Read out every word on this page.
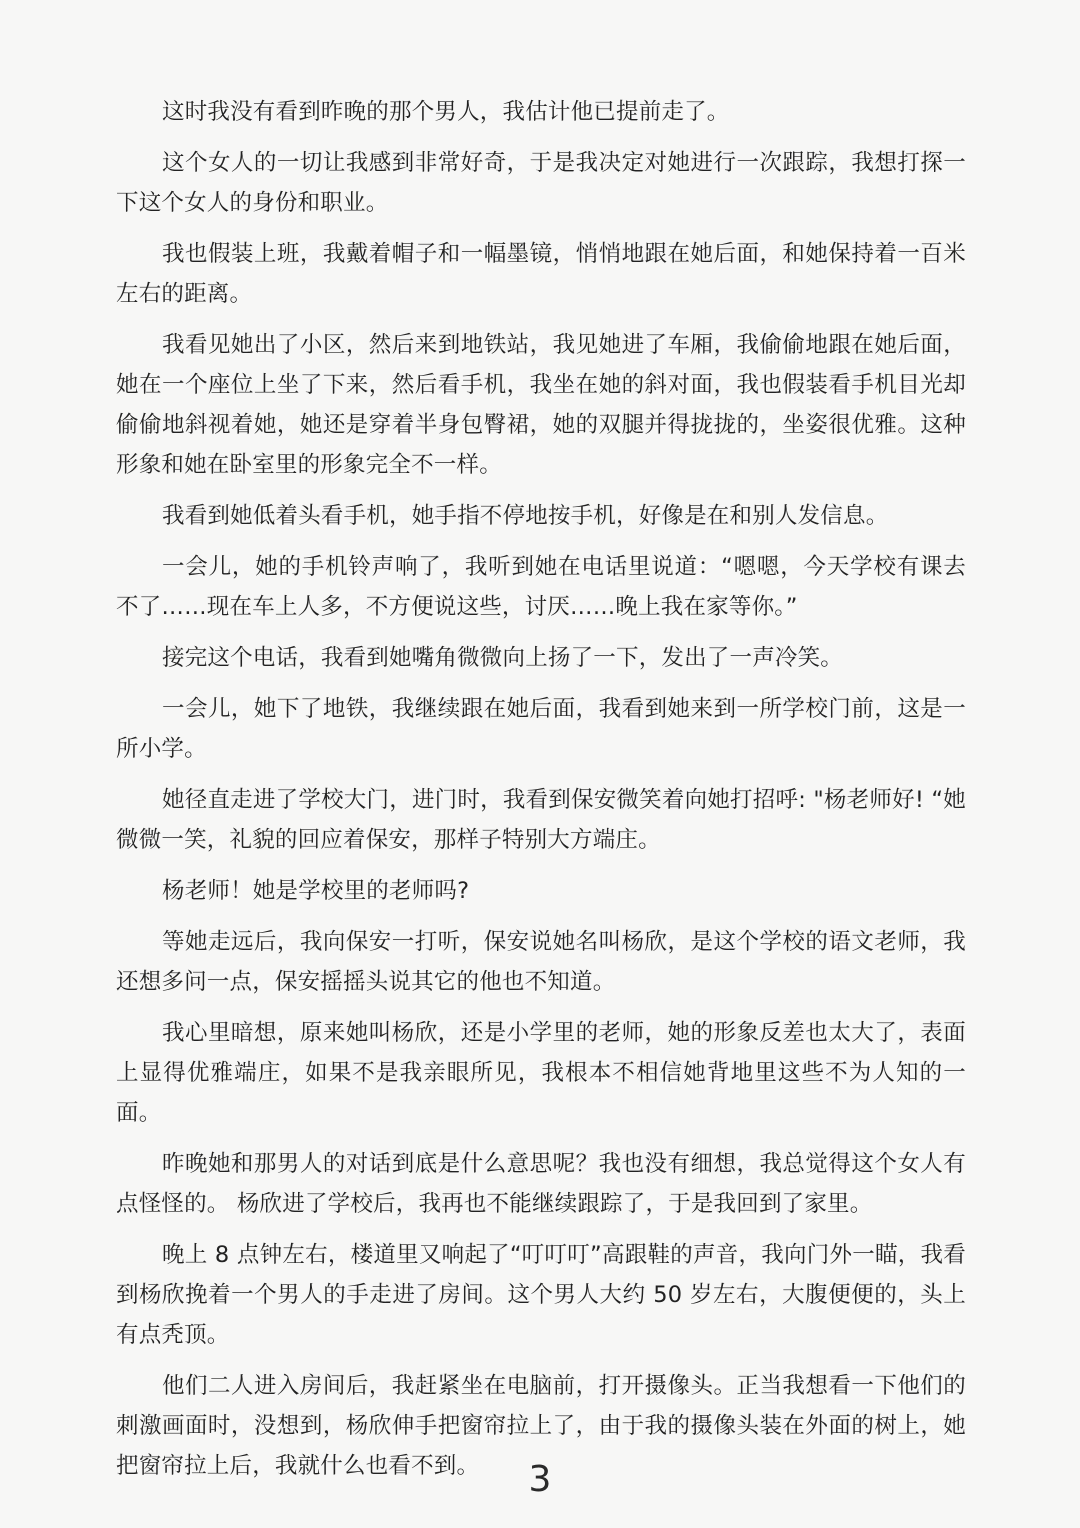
这时我没有看到昨晚的那个男人，我估计他已提前走了。

这个女人的一切让我感到非常好奇，于是我决定对她进行一次跟踪，我想打探一下这个女人的身份和职业。

我也假装上班，我戴着帽子和一幅墨镜，悄悄地跟在她后面，和她保持着一百米左右的距离。

我看见她出了小区，然后来到地铁站，我见她进了车厢，我偷偷地跟在她后面，她在一个座位上坐了下来，然后看手机，我坐在她的斜对面，我也假装看手机目光却偷偷地斜视着她，她还是穿着半身包臀裙，她的双腿并得拢拢的，坐姿很优雅。这种形象和她在卧室里的形象完全不一样。

我看到她低着头看手机，她手指不停地按手机，好像是在和别人发信息。

一会儿，她的手机铃声响了，我听到她在电话里说道：“嗯嗯，今天学校有课去不了……现在车上人多，不方便说这些，讨厌……晚上我在家等你。”

接完这个电话，我看到她嘴角微微向上扬了一下，发出了一声冷笑。

一会儿，她下了地铁，我继续跟在她后面，我看到她来到一所学校门前，这是一所小学。

她径直走进了学校大门，进门时，我看到保安微笑着向她打招呼: "杨老师好! “她微微一笑，礼貌的回应着保安，那样子特别大方端庄。

杨老师！她是学校里的老师吗?

等她走远后，我向保安一打听，保安说她名叫杨欣，是这个学校的语文老师，我还想多问一点，保安摇摇头说其它的他也不知道。

我心里暗想，原来她叫杨欣，还是小学里的老师，她的形象反差也太大了，表面上显得优雅端庄，如果不是我亲眼所见，我根本不相信她背地里这些不为人知的一面。

昨晚她和那男人的对话到底是什么意思呢？我也没有细想，我总觉得这个女人有点怪怪的。 杨欣进了学校后，我再也不能继续跟踪了，于是我回到了家里。

晚上 8 点钟左右，楼道里又响起了“叮叮叮”高跟鞋的声音，我向门外一瞄，我看到杨欣挽着一个男人的手走进了房间。这个男人大约 50 岁左右，大腹便便的，头上有点秃顶。

他们二人进入房间后，我赶紧坐在电脑前，打开摄像头。正当我想看一下他们的刺激画面时，没想到，杨欣伸手把窗帘拉上了，由于我的摄像头装在外面的树上，她把窗帘拉上后，我就什么也看不到。	3
